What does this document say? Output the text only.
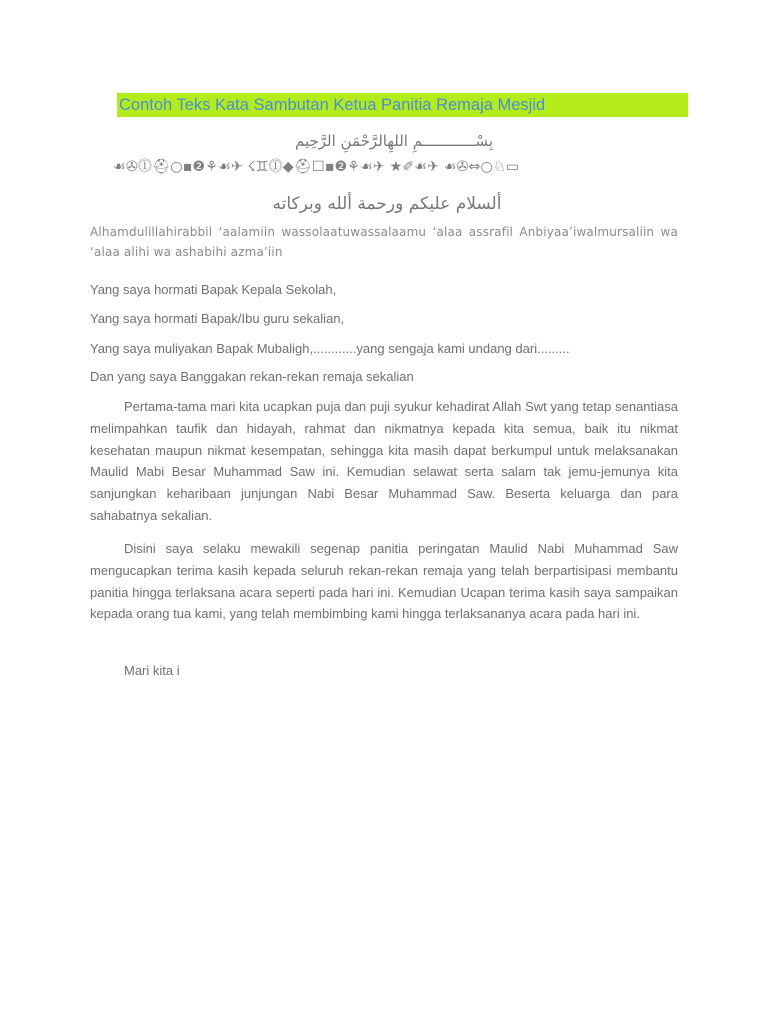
Contoh Teks Kata Sambutan Ketua Panitia Remaja Mesjid
بِسْــــــــــــمِ اللهِالرَّحْمَنِ الرَّحِيم
☙✇⓵⛑○▪❷⚘☙✈ ☇♊⓵◆⛑☐▪❷⚘☙✈ ★✐☙✈ ☙✇⇔○♘▭
ألسلام عليكم ورحمة ألله وبركاته
Alhamdulillahirabbil ‘aalamiin wassolaatuwassalaamu ‘alaa assrafil Anbiyaa’iwalmursaliin wa ‘alaa alihi wa ashabihi azma’iin
Yang saya hormati Bapak Kepala Sekolah,
Yang saya hormati Bapak/Ibu guru sekalian,
Yang saya muliyakan Bapak Mubaligh,............yang sengaja kami undang dari.........
Dan yang saya Banggakan rekan-rekan remaja sekalian
Pertama-tama mari kita ucapkan puja dan puji syukur kehadirat Allah Swt yang tetap senantiasa melimpahkan taufik dan hidayah, rahmat dan nikmatnya kepada kita semua, baik itu nikmat kesehatan maupun nikmat kesempatan, sehingga kita masih dapat berkumpul untuk melaksanakan Maulid Mabi Besar Muhammad Saw ini. Kemudian selawat serta salam tak jemu-jemunya kita sanjungkan keharibaan junjungan Nabi Besar Muhammad Saw. Beserta keluarga dan para sahabatnya sekalian.
Disini saya selaku mewakili segenap panitia peringatan Maulid Nabi Muhammad Saw mengucapkan terima kasih kepada seluruh rekan-rekan remaja yang telah berpartisipasi membantu panitia hingga terlaksana acara seperti pada hari ini. Kemudian Ucapan terima kasih saya sampaikan kepada orang tua kami, yang telah membimbing kami hingga terlaksananya acara pada hari ini.
Mari kita i
